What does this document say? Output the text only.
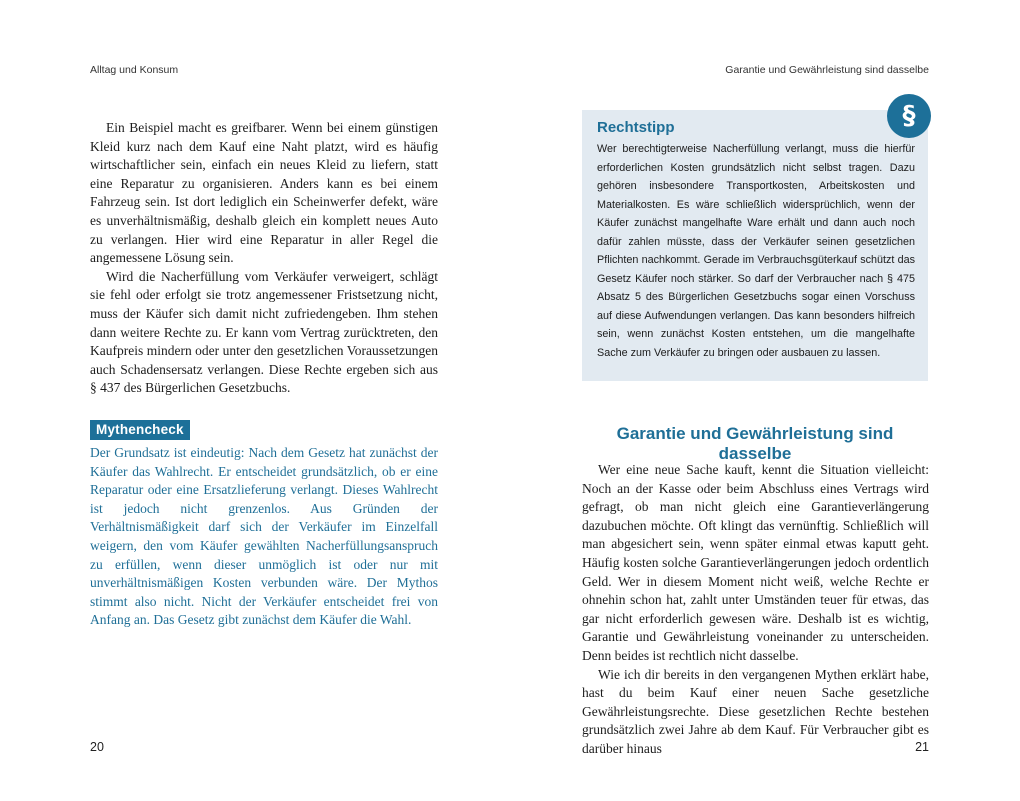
Alltag und Konsum

Ein Beispiel macht es greifbarer. Wenn bei einem günstigen Kleid kurz nach dem Kauf eine Naht platzt, wird es häufig wirtschaftlicher sein, einfach ein neues Kleid zu liefern, statt eine Reparatur zu organisieren. Anders kann es bei einem Fahrzeug sein. Ist dort lediglich ein Scheinwerfer defekt, wäre es unverhältnismäßig, deshalb gleich ein komplett neues Auto zu verlangen. Hier wird eine Reparatur in aller Regel die angemessene Lösung sein.

Wird die Nacherfüllung vom Verkäufer verweigert, schlägt sie fehl oder erfolgt sie trotz angemessener Fristsetzung nicht, muss der Käufer sich damit nicht zufriedengeben. Ihm stehen dann weitere Rechte zu. Er kann vom Vertrag zurücktreten, den Kaufpreis mindern oder unter den gesetzlichen Voraussetzungen auch Schadensersatz verlangen. Diese Rechte ergeben sich aus § 437 des Bürgerlichen Gesetzbuchs.

Mythencheck

Der Grundsatz ist eindeutig: Nach dem Gesetz hat zunächst der Käufer das Wahlrecht. Er entscheidet grundsätzlich, ob er eine Reparatur oder eine Ersatzlieferung verlangt. Dieses Wahlrecht ist jedoch nicht grenzenlos. Aus Gründen der Verhältnismäßigkeit darf sich der Verkäufer im Einzelfall weigern, den vom Käufer gewählten Nacherfüllungsanspruch zu erfüllen, wenn dieser unmöglich ist oder nur mit unverhältnismäßigen Kosten verbunden wäre. Der Mythos stimmt also nicht. Nicht der Verkäufer entscheidet frei von Anfang an. Das Gesetz gibt zunächst dem Käufer die Wahl.

20
Garantie und Gewährleistung sind dasselbe
21
Rechtstipp
Wer berechtigterweise Nacherfüllung verlangt, muss die hierfür erforderlichen Kosten grundsätzlich nicht selbst tragen. Dazu gehören insbesondere Transportkosten, Arbeitskosten und Materialkosten. Es wäre schließlich widersprüchlich, wenn der Käufer zunächst mangelhafte Ware erhält und dann auch noch dafür zahlen müsste, dass der Verkäufer seinen gesetzlichen Pflichten nachkommt. Gerade im Verbrauchsgüterkauf schützt das Gesetz Käufer noch stärker. So darf der Verbraucher nach § 475 Absatz 5 des Bürgerlichen Gesetzbuchs sogar einen Vorschuss auf diese Aufwendungen verlangen. Das kann besonders hilfreich sein, wenn zunächst Kosten entstehen, um die mangelhafte Sache zum Verkäufer zu bringen oder ausbauen zu lassen.
§
Garantie und Gewährleistung sind dasselbe

Wer eine neue Sache kauft, kennt die Situation vielleicht: Noch an der Kasse oder beim Abschluss eines Vertrags wird gefragt, ob man nicht gleich eine Garantieverlängerung dazubuchen möchte. Oft klingt das vernünftig. Schließlich will man abgesichert sein, wenn später einmal etwas kaputt geht. Häufig kosten solche Garantieverlängerungen jedoch ordentlich Geld. Wer in diesem Moment nicht weiß, welche Rechte er ohnehin schon hat, zahlt unter Umständen teuer für etwas, das gar nicht erforderlich gewesen wäre. Deshalb ist es wichtig, Garantie und Gewährleistung voneinander zu unterscheiden. Denn beides ist rechtlich nicht dasselbe.

Wie ich dir bereits in den vergangenen Mythen erklärt habe, hast du beim Kauf einer neuen Sache gesetzliche Gewährleistungsrechte. Diese gesetzlichen Rechte bestehen grundsätzlich zwei Jahre ab dem Kauf. Für Verbraucher gibt es darüber hinaus
